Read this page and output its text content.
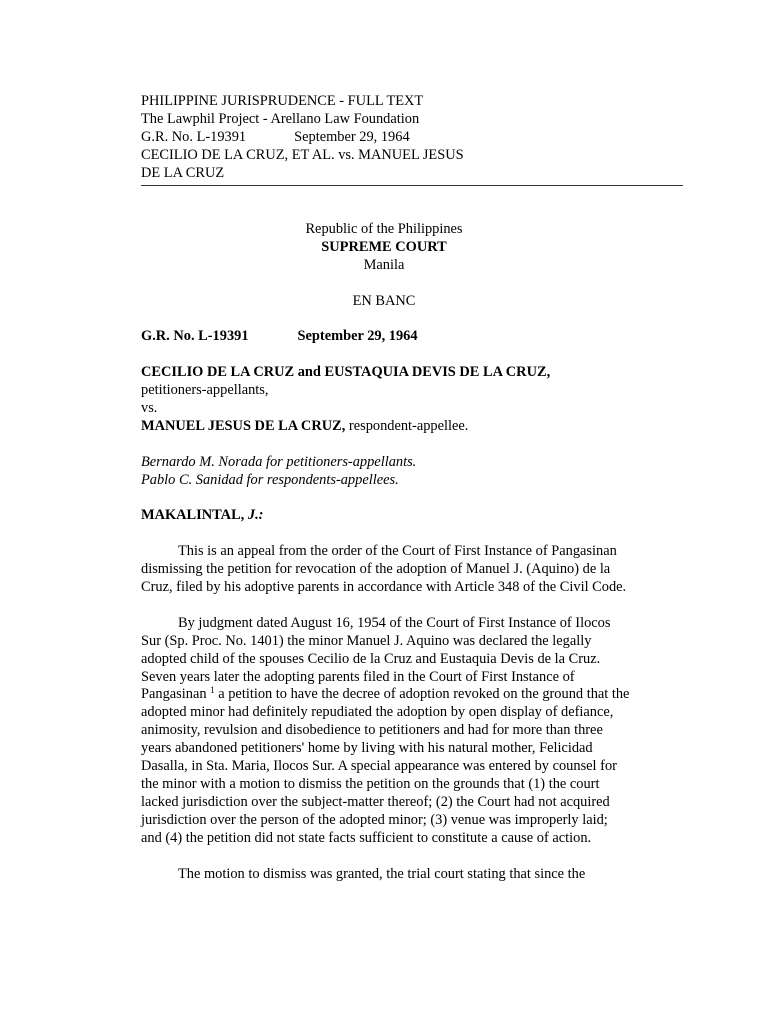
PHILIPPINE JURISPRUDENCE - FULL TEXT
The Lawphil Project - Arellano Law Foundation
G.R. No. L-19391	September 29, 1964
CECILIO DE LA CRUZ, ET AL. vs. MANUEL JESUS
DE LA CRUZ
Republic of the Philippines
SUPREME COURT
Manila
EN BANC
G.R. No. L-19391	September 29, 1964
CECILIO DE LA CRUZ and EUSTAQUIA DEVIS DE LA CRUZ,
petitioners-appellants,
vs.
MANUEL JESUS DE LA CRUZ, respondent-appellee.
Bernardo M. Norada for petitioners-appellants.
Pablo C. Sanidad for respondents-appellees.
MAKALINTAL, J.:

This is an appeal from the order of the Court of First Instance of Pangasinan dismissing the petition for revocation of the adoption of Manuel J. (Aquino) de la Cruz, filed by his adoptive parents in accordance with Article 348 of the Civil Code.

By judgment dated August 16, 1954 of the Court of First Instance of Ilocos Sur (Sp. Proc. No. 1401) the minor Manuel J. Aquino was declared the legally adopted child of the spouses Cecilio de la Cruz and Eustaquia Devis de la Cruz. Seven years later the adopting parents filed in the Court of First Instance of Pangasinan $^1$ a petition to have the decree of adoption revoked on the ground that the adopted minor had definitely repudiated the adoption by open display of defiance, animosity, revulsion and disobedience to petitioners and had for more than three years abandoned petitioners' home by living with his natural mother, Felicidad Dasalla, in Sta. Maria, Ilocos Sur. A special appearance was entered by counsel for the minor with a motion to dismiss the petition on the grounds that (1) the court lacked jurisdiction over the subject-matter thereof; (2) the Court had not acquired jurisdiction over the person of the adopted minor; (3) venue was improperly laid; and (4) the petition did not state facts sufficient to constitute a cause of action.

The motion to dismiss was granted, the trial court stating that since the
